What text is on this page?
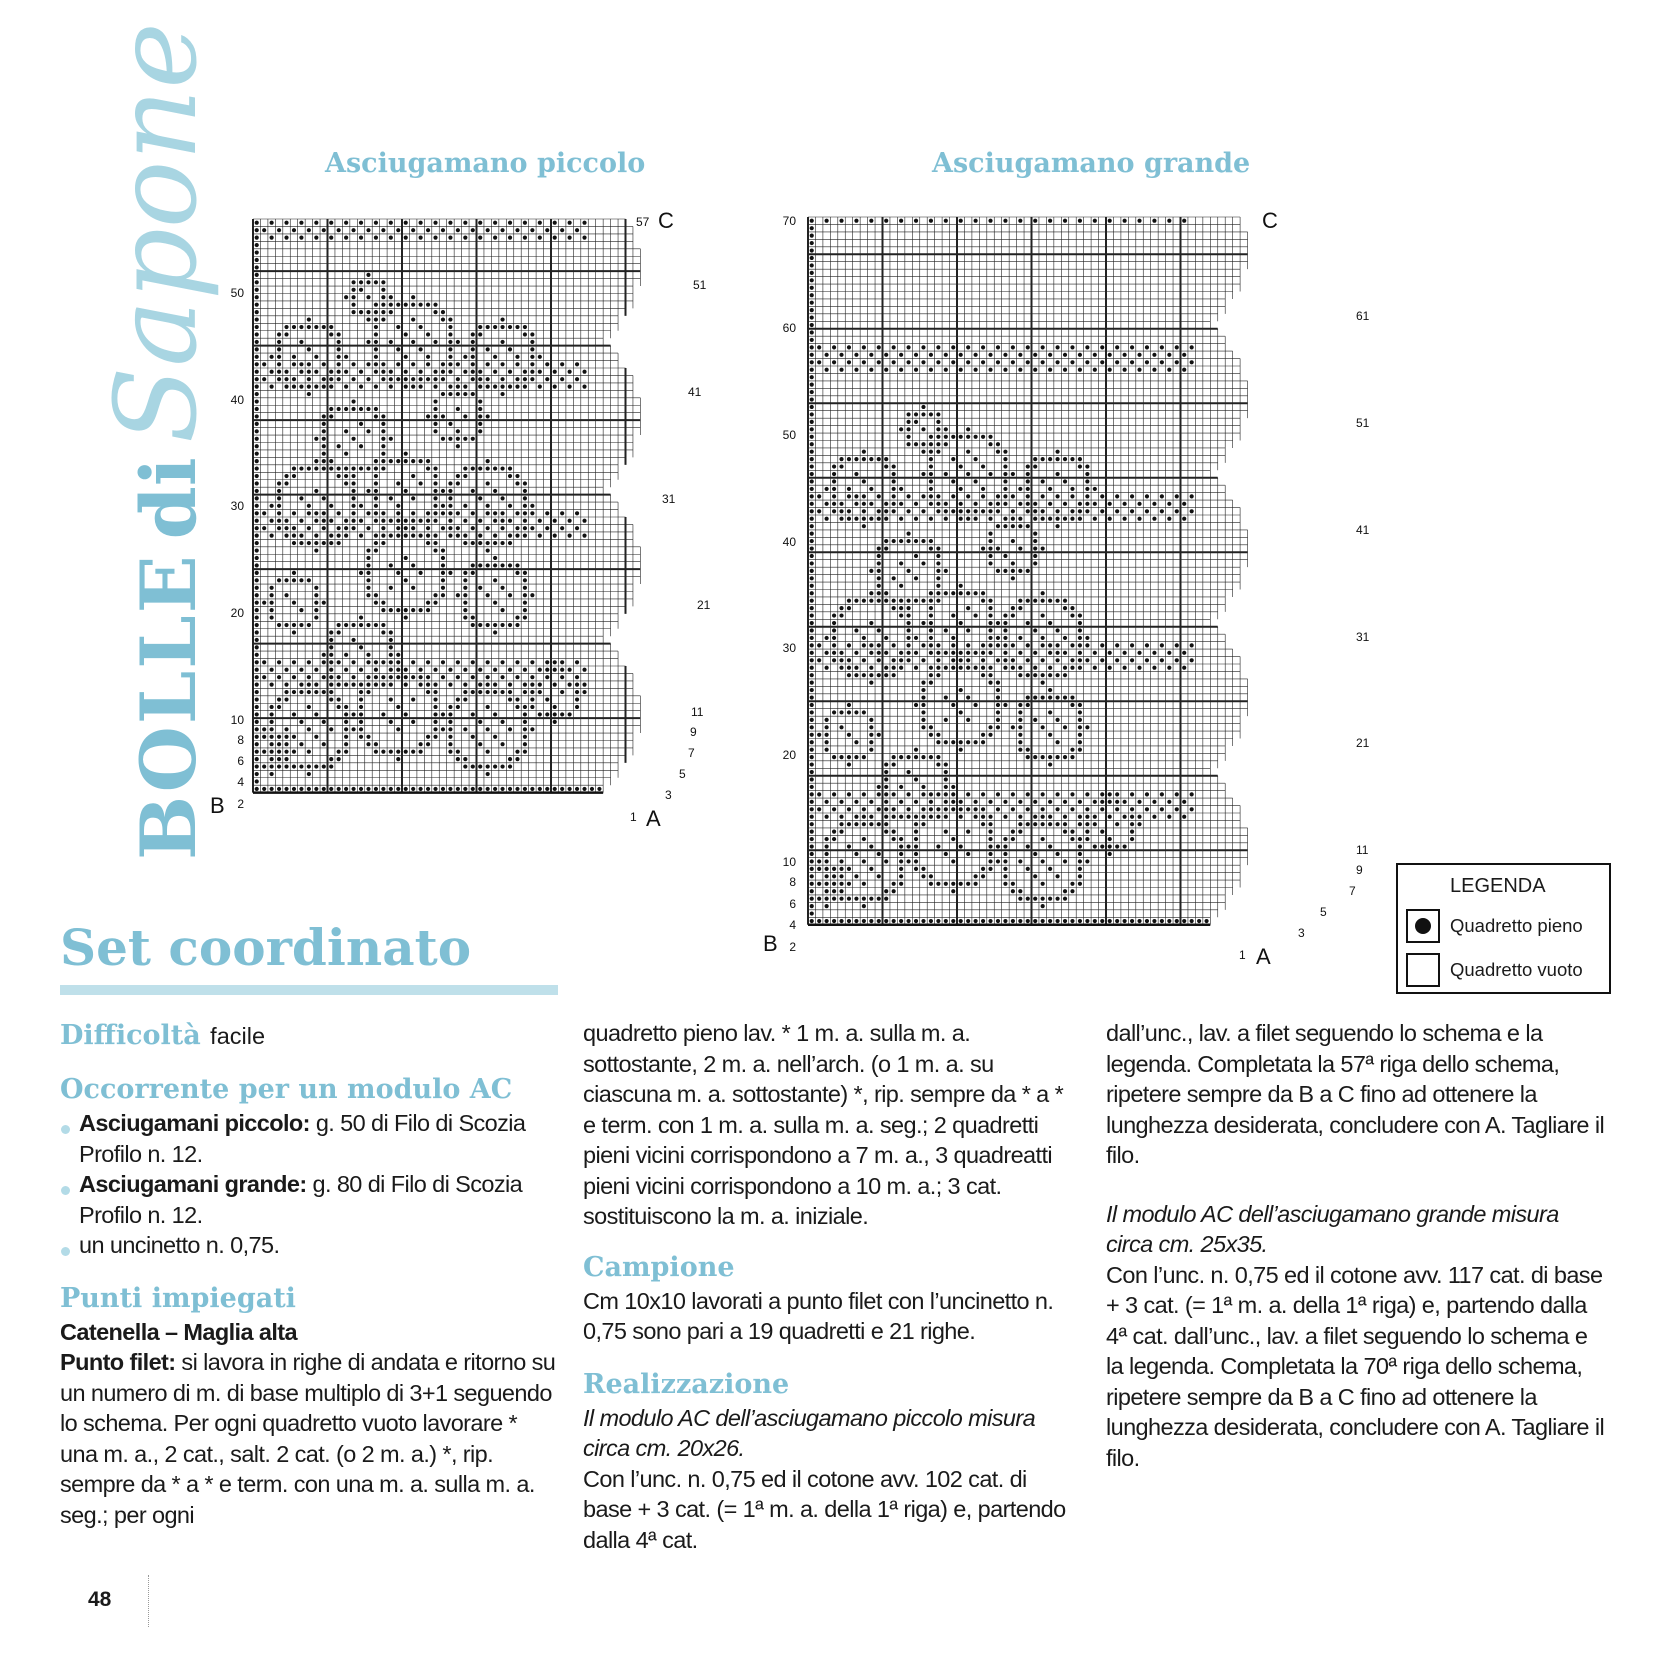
BOLLEdiSapone	Asciugamano piccolo	Asciugamano grande
50
40
30
20
10
8
6
4
2
57
51
41
31
21
11
9
7
5
3
1
B
A
C	70
60
50
40
30
20
10
8
6
4
2
61
51
41
31
21
11
9
7
5
3
1
B
A
C
LEGENDA
Quadretto pieno
Quadretto vuoto
Set coordinato

Difficoltà facile

Occorrente per un modulo AC

Asciugamani piccolo: g. 50 di Filo di Scozia Profilo n. 12.
Asciugamani grande: g. 80 di Filo di Scozia Profilo n. 12.
un uncinetto n. 0,75.

Punti impiegati

Catenella – Maglia alta

Punto filet: si lavora in righe di andata e ritorno su un numero di m. di base multiplo di 3+1 seguendo lo schema. Per ogni quadretto vuoto lavorare * una m. a., 2 cat., salt. 2 cat. (o 2 m. a.) *, rip. sempre da * a * e term. con una m. a. sulla m. a. seg.; per ogni

quadretto pieno lav. * 1 m. a. sulla m. a. sottostante, 2 m. a. nell’arch. (o 1 m. a. su ciascuna m. a. sottostante) *, rip. sempre da * a * e term. con 1 m. a. sulla m. a. seg.; 2 quadretti pieni vicini corrispondono a 7 m. a., 3 quadreatti pieni vicini corrispondono a 10 m. a.; 3 cat. sostituiscono la m. a. iniziale.

Campione

Cm 10x10 lavorati a punto filet con l’uncinetto n. 0,75 sono pari a 19 quadretti e 21 righe.

Realizzazione

Il modulo AC dell’asciugamano piccolo misura circa cm. 20x26.

Con l’unc. n. 0,75 ed il cotone avv. 102 cat. di base + 3 cat. (= 1ª m. a. della 1ª riga) e, partendo dalla 4ª cat.

dall’unc., lav. a filet seguendo lo schema e la legenda. Completata la 57ª riga dello schema, ripetere sempre da B a C fino ad ottenere la lunghezza desiderata, concludere con A. Tagliare il filo.

Il modulo AC dell’asciugamano grande misura circa cm. 25x35.

Con l’unc. n. 0,75 ed il cotone avv. 117 cat. di base + 3 cat. (= 1ª m. a. della 1ª riga) e, partendo dalla 4ª cat. dall’unc., lav. a filet seguendo lo schema e la legenda. Completata la 70ª riga dello schema, ripetere sempre da B a C fino ad ottenere la lunghezza desiderata, concludere con A. Tagliare il filo.

48
